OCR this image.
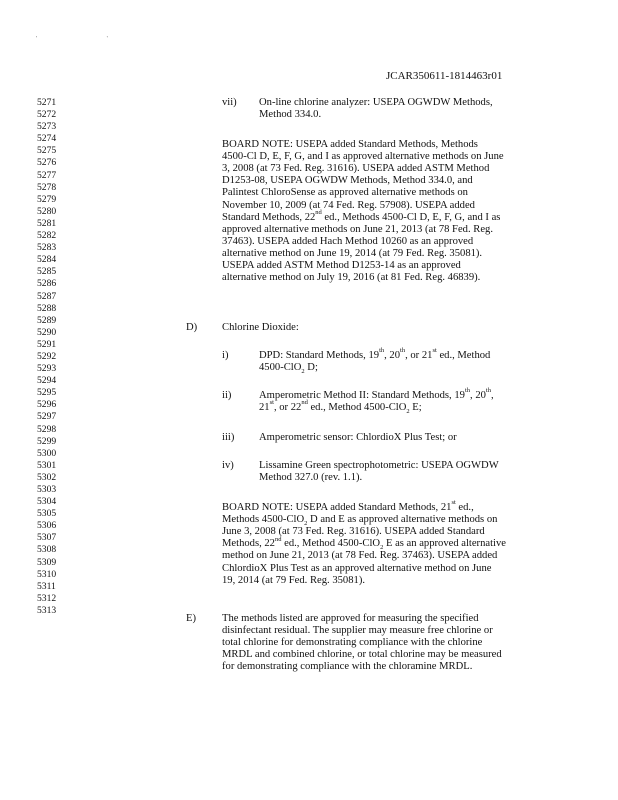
' '
JCAR350611-1814463r01
5271
5272
5273
5274
5275
5276
5277
5278
5279
5280
5281
5282
5283
5284
5285
5286
5287
5288
5289
5290
5291
5292
5293
5294
5295
5296
5297
5298
5299
5300
5301
5302
5303
5304
5305
5306
5307
5308
5309
5310
5311
5312
5313
vii) On-line chlorine analyzer: USEPA OGWDW Methods,
Method 334.0.
BOARD NOTE: USEPA added Standard Methods, Methods
4500-Cl D, E, F, G, and I as approved alternative methods on June
3, 2008 (at 73 Fed. Reg. 31616). USEPA added ASTM Method
D1253-08, USEPA OGWDW Methods, Method 334.0, and
Palintest ChloroSense as approved alternative methods on
November 10, 2009 (at 74 Fed. Reg. 57908). USEPA added
Standard Methods, 22nd ed., Methods 4500-Cl D, E, F, G, and I as
approved alternative methods on June 21, 2013 (at 78 Fed. Reg.
37463). USEPA added Hach Method 10260 as an approved
alternative method on June 19, 2014 (at 79 Fed. Reg. 35081).
USEPA added ASTM Method D1253-14 as an approved
alternative method on July 19, 2016 (at 81 Fed. Reg. 46839).
D) Chlorine Dioxide:
i)	DPD: Standard Methods, 19th, 20th, or 21st ed., Method
4500-ClO$_2$ D;
ii)	Amperometric Method II: Standard Methods, 19th, 20th,
21st, or 22nd ed., Method 4500-ClO$_2$ E;
iii) Amperometric sensor: ChlordioX Plus Test; or
iv) Lissamine Green spectrophotometric: USEPA OGWDW
Method 327.0 (rev. 1.1).
BOARD NOTE: USEPA added Standard Methods, 21st ed.,
Methods 4500-ClO$_2$ D and E as approved alternative methods on
June 3, 2008 (at 73 Fed. Reg. 31616). USEPA added Standard
Methods, 22nd ed., Method 4500-ClO$_2$ E as an approved alternative
method on June 21, 2013 (at 78 Fed. Reg. 37463). USEPA added
ChlordioX Plus Test as an approved alternative method on June
19, 2014 (at 79 Fed. Reg. 35081).
E) The methods listed are approved for measuring the specified
disinfectant residual. The supplier may measure free chlorine or
total chlorine for demonstrating compliance with the chlorine
MRDL and combined chlorine, or total chlorine may be measured
for demonstrating compliance with the chloramine MRDL.
